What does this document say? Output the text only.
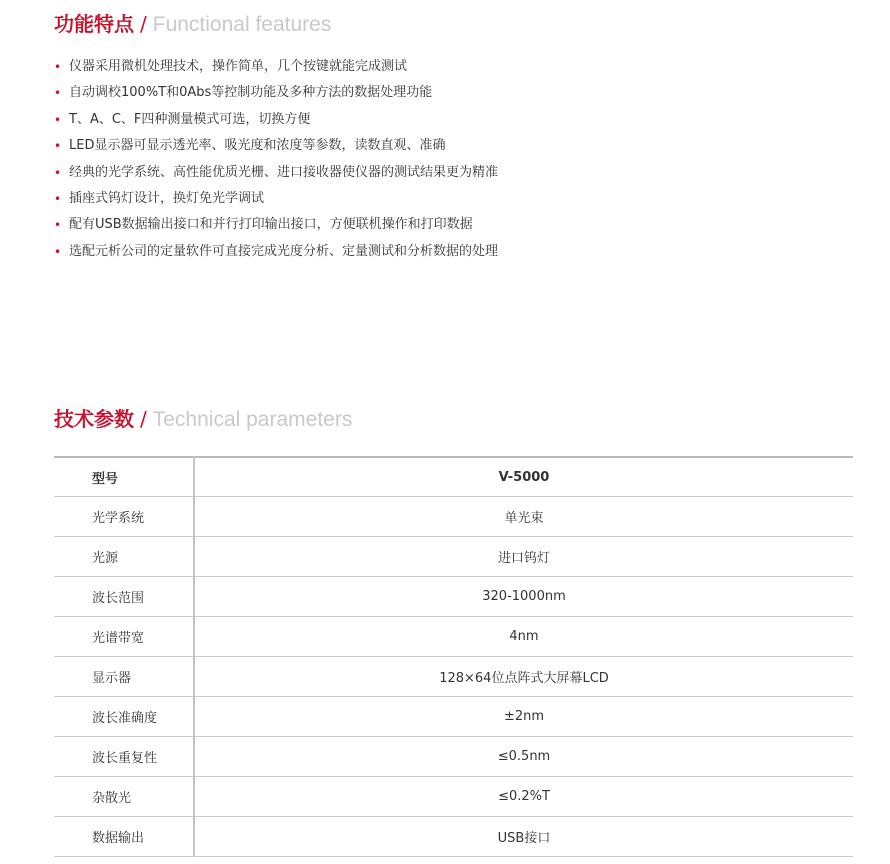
功能特点 / Functional features
• 仪器采用微机处理技术，操作简单，几个按键就能完成测试
• 自动调校100%T和0Abs等控制功能及多种方法的数据处理功能
• T、A、C、F四种测量模式可选，切换方便
• LED显示器可显示透光率、吸光度和浓度等参数，读数直观、准确
• 经典的光学系统、高性能优质光栅、进口接收器使仪器的测试结果更为精准
• 插座式钨灯设计，换灯免光学调试
• 配有USB数据输出接口和并行打印输出接口，方便联机操作和打印数据
• 选配元析公司的定量软件可直接完成光度分析、定量测试和分析数据的处理
技术参数 / Technical parameters
型号	V-5000
光学系统	单光束
光源	进口钨灯
波长范围	320-1000nm
光谱带宽	4nm
显示器	128×64位点阵式大屏幕LCD
波长准确度	±2nm
波长重复性	≤0.5nm
杂散光	≤0.2%T
数据输出	USB接口
